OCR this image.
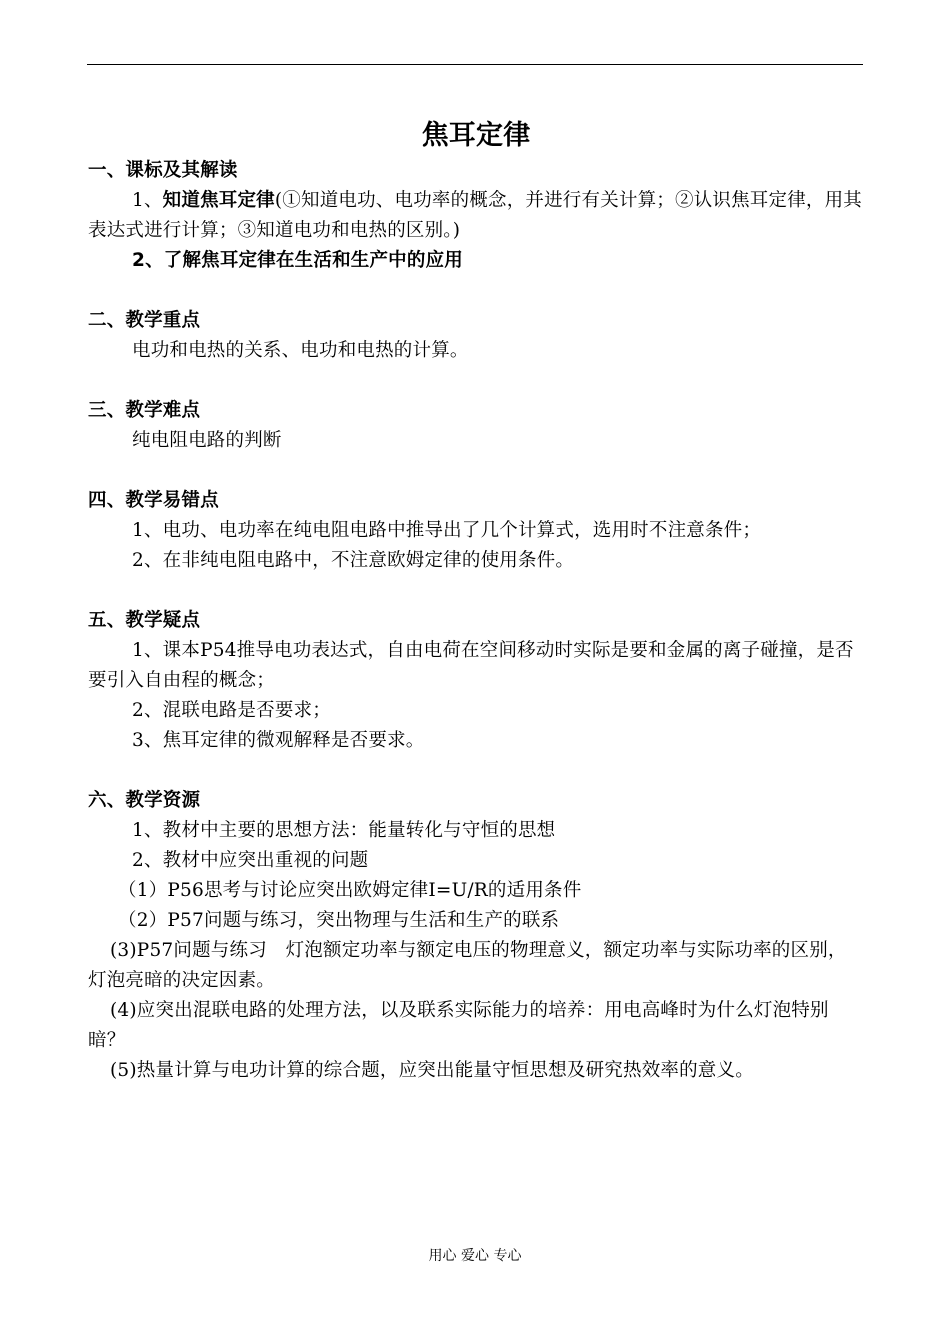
焦耳定律
一、课标及其解读

1、知道焦耳定律(①知道电功、电功率的概念，并进行有关计算；②认识焦耳定律，用其表达式进行计算；③知道电功和电热的区别。)

2、了解焦耳定律在生活和生产中的应用

二、教学重点

电功和电热的关系、电功和电热的计算。

三、教学难点

纯电阻电路的判断

四、教学易错点

1、电功、电功率在纯电阻电路中推导出了几个计算式，选用时不注意条件；

2、在非纯电阻电路中，不注意欧姆定律的使用条件。

五、教学疑点

1、课本P54推导电功表达式，自由电荷在空间移动时实际是要和金属的离子碰撞，是否要引入自由程的概念；

2、混联电路是否要求；

3、焦耳定律的微观解释是否要求。

六、教学资源

1、教材中主要的思想方法：能量转化与守恒的思想

2、教材中应突出重视的问题

（1）P56思考与讨论应突出欧姆定律I=U/R的适用条件

（2）P57问题与练习，突出物理与生活和生产的联系

(3)P57问题与练习　灯泡额定功率与额定电压的物理意义，额定功率与实际功率的区别，灯泡亮暗的决定因素。

(4)应突出混联电路的处理方法，以及联系实际能力的培养：用电高峰时为什么灯泡特别暗？

(5)热量计算与电功计算的综合题，应突出能量守恒思想及研究热效率的意义。

用心 爱心 专心
